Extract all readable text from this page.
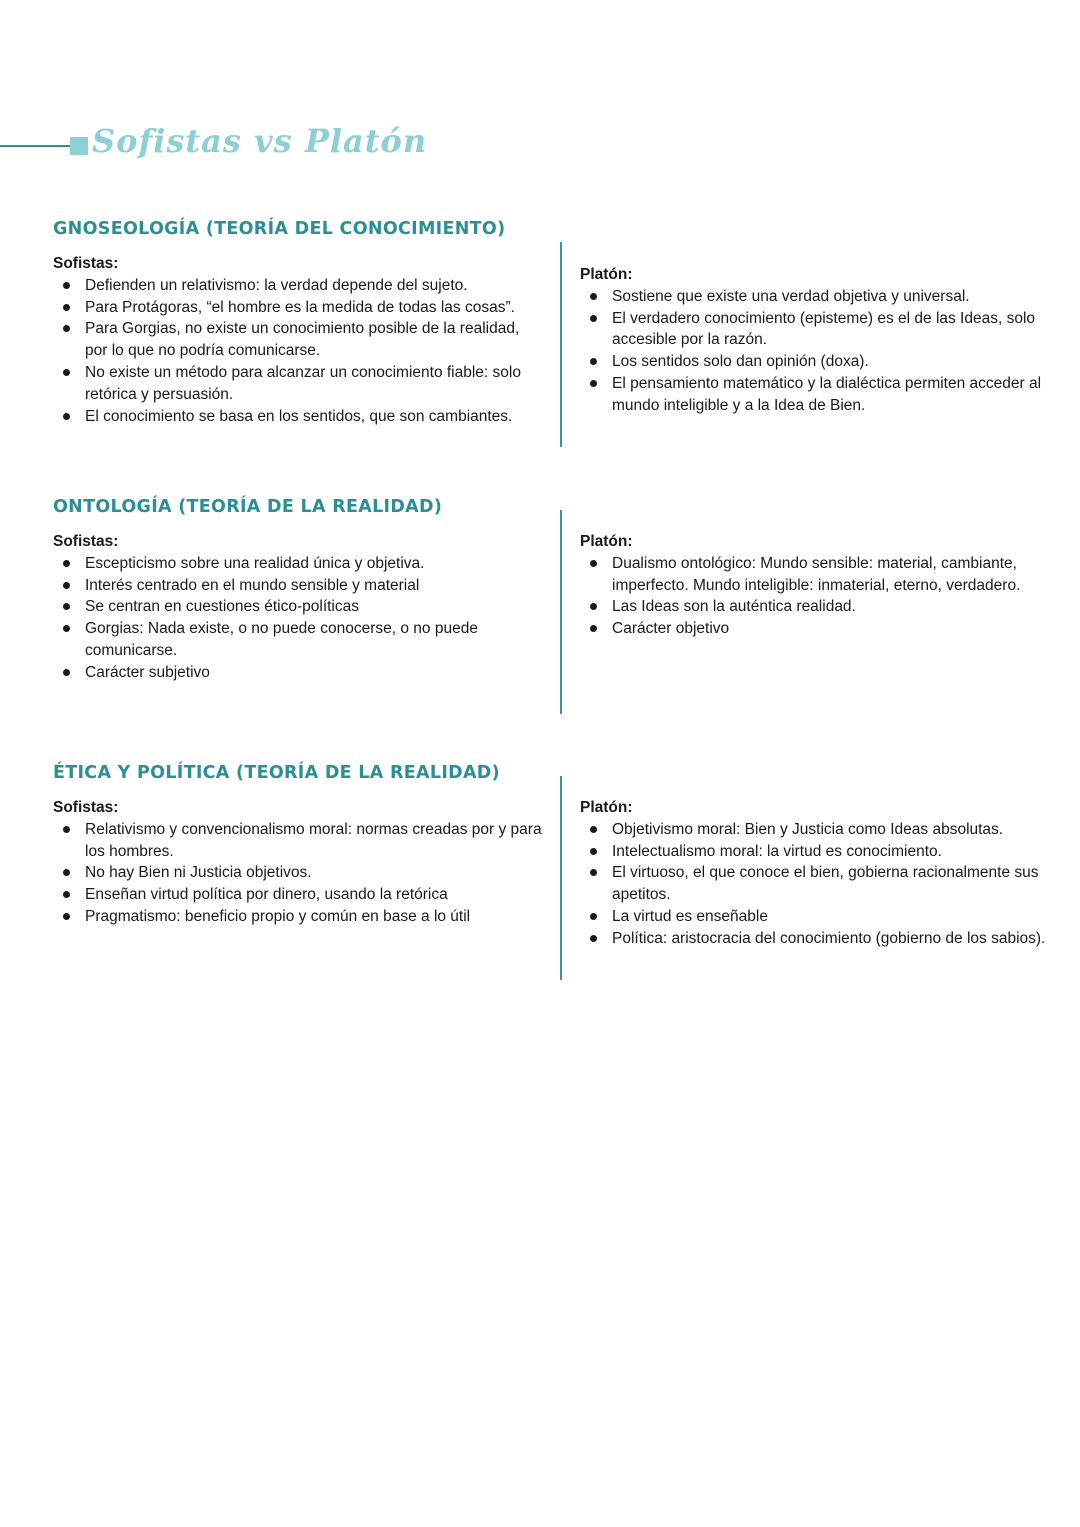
Sofistas vs Platón
GNOSEOLOGÍA (TEORÍA DEL CONOCIMIENTO)

Sofistas:

Defienden un relativismo: la verdad depende del sujeto.
Para Protágoras, “el hombre es la medida de todas las cosas”.
Para Gorgias, no existe un conocimiento posible de la realidad, por lo que no podría comunicarse.
No existe un método para alcanzar un conocimiento fiable: solo retórica y persuasión.
El conocimiento se basa en los sentidos, que son cambiantes.

Platón:

Sostiene que existe una verdad objetiva y universal.
El verdadero conocimiento (episteme) es el de las Ideas, solo accesible por la razón.
Los sentidos solo dan opinión (doxa).
El pensamiento matemático y la dialéctica permiten acceder al mundo inteligible y a la Idea de Bien.
ONTOLOGÍA (TEORÍA DE LA REALIDAD)

Sofistas:

Escepticismo sobre una realidad única y objetiva.
Interés centrado en el mundo sensible y material
Se centran en cuestiones ético-políticas
Gorgias: Nada existe, o no puede conocerse, o no puede comunicarse.
Carácter subjetivo

Platón:

Dualismo ontológico: Mundo sensible: material, cambiante, imperfecto. Mundo inteligible: inmaterial, eterno, verdadero.
Las Ideas son la auténtica realidad.
Carácter objetivo
ÉTICA Y POLÍTICA (TEORÍA DE LA REALIDAD)

Sofistas:

Relativismo y convencionalismo moral: normas creadas por y para los hombres.
No hay Bien ni Justicia objetivos.
Enseñan virtud política por dinero, usando la retórica
Pragmatismo: beneficio propio y común en base a lo útil

Platón:

Objetivismo moral: Bien y Justicia como Ideas absolutas.
Intelectualismo moral: la virtud es conocimiento.
El virtuoso, el que conoce el bien, gobierna racionalmente sus apetitos.
La virtud es enseñable
Política: aristocracia del conocimiento (gobierno de los sabios).
